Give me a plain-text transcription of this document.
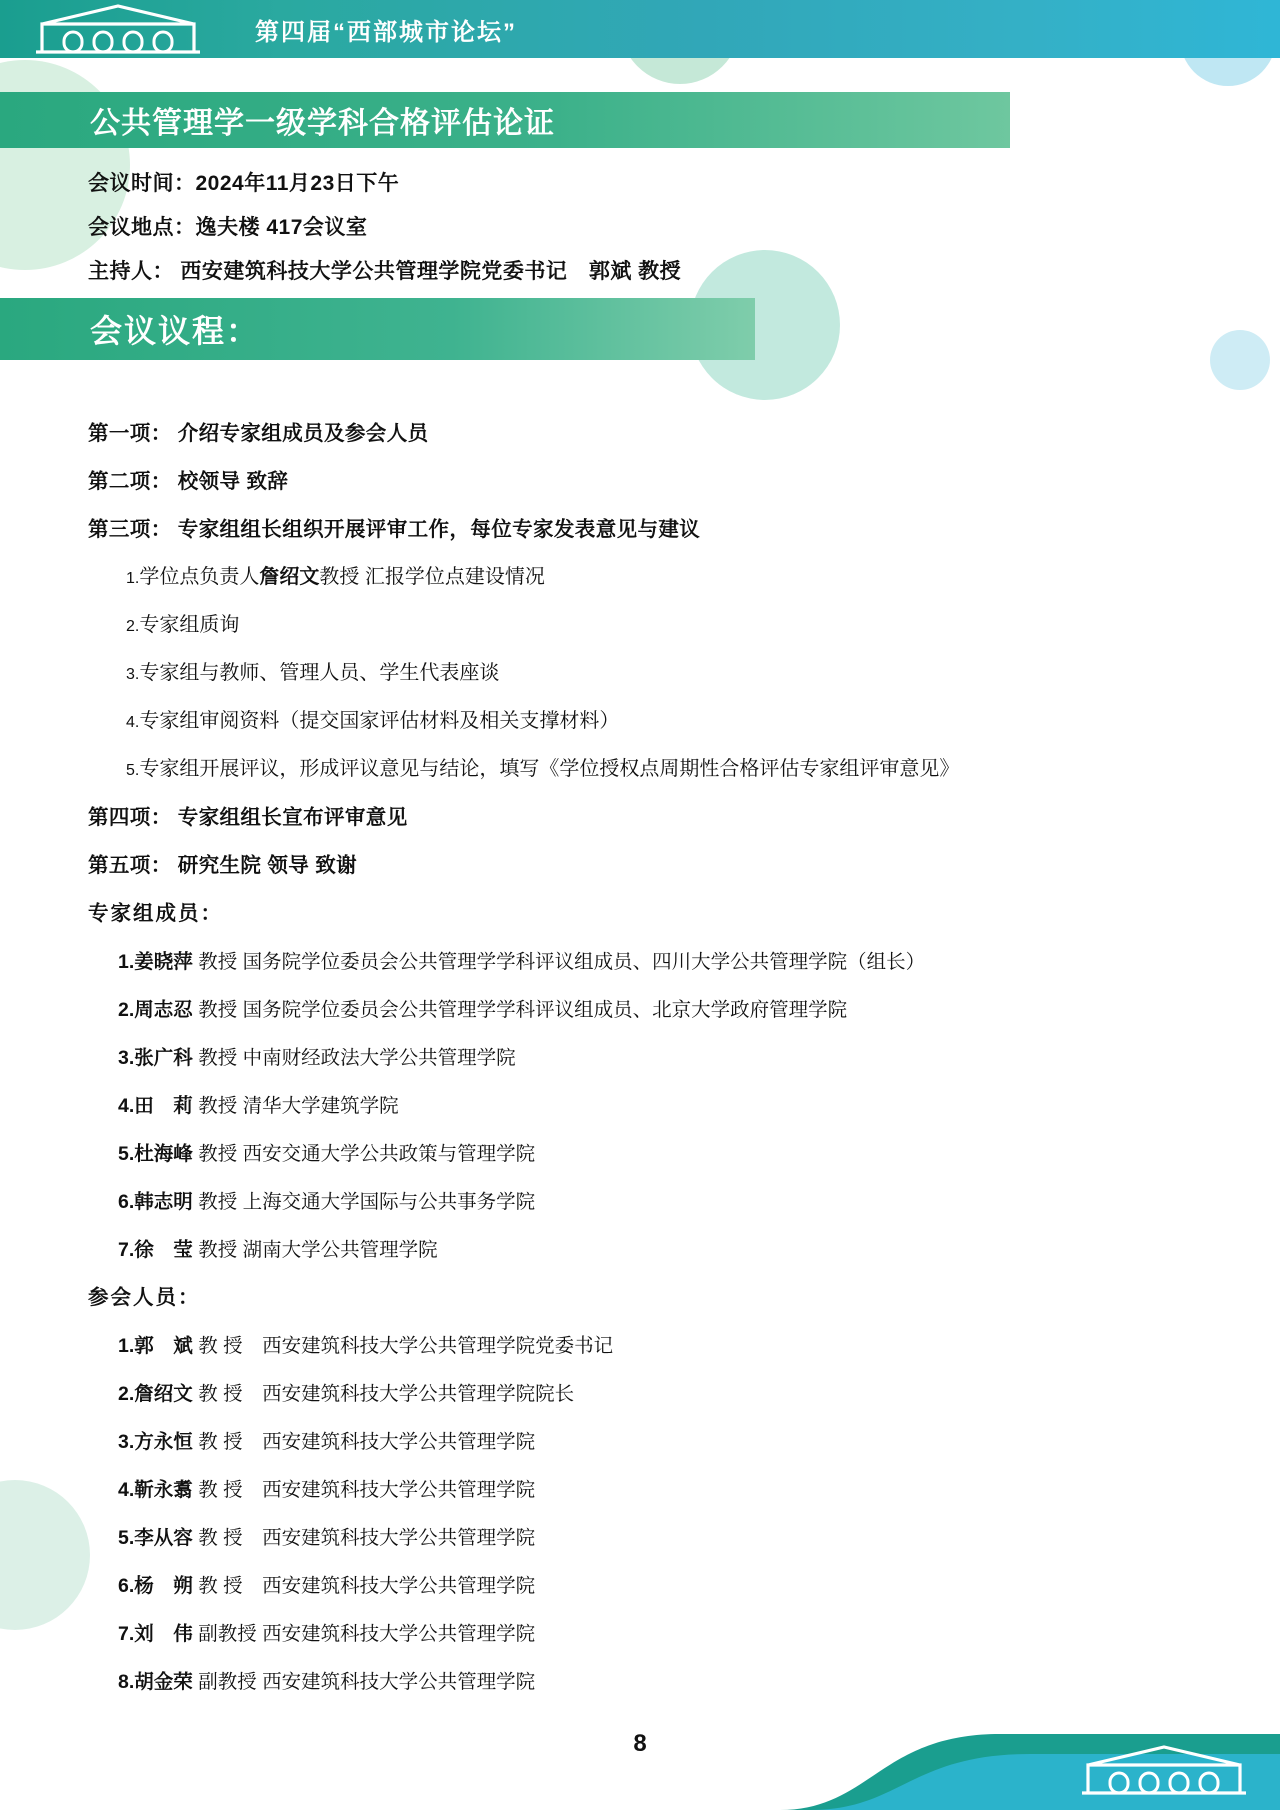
第四届“西部城市论坛”
公共管理学一级学科合格评估论证
会议时间：2024年11月23日下午
会议地点：逸夫楼 417会议室
主持人： 西安建筑科技大学公共管理学院党委书记　郭斌 教授
会议议程：
第一项： 介绍专家组成员及参会人员
第二项： 校领导 致辞
第三项： 专家组组长组织开展评审工作，每位专家发表意见与建议
1.学位点负责人詹绍文教授 汇报学位点建设情况
2.专家组质询
3.专家组与教师、管理人员、学生代表座谈
4.专家组审阅资料（提交国家评估材料及相关支撑材料）
5.专家组开展评议，形成评议意见与结论，填写《学位授权点周期性合格评估专家组评审意见》
第四项： 专家组组长宣布评审意见
第五项： 研究生院 领导 致谢
专家组成员：
1.姜晓萍 教授 国务院学位委员会公共管理学学科评议组成员、四川大学公共管理学院（组长）
2.周志忍 教授 国务院学位委员会公共管理学学科评议组成员、北京大学政府管理学院
3.张广科 教授 中南财经政法大学公共管理学院
4.田　莉 教授 清华大学建筑学院
5.杜海峰 教授 西安交通大学公共政策与管理学院
6.韩志明 教授 上海交通大学国际与公共事务学院
7.徐　莹 教授 湖南大学公共管理学院
参会人员：
1.郭　斌 教 授　西安建筑科技大学公共管理学院党委书记
2.詹绍文 教 授　西安建筑科技大学公共管理学院院长
3.方永恒 教 授　西安建筑科技大学公共管理学院
4.靳永翥 教 授　西安建筑科技大学公共管理学院
5.李从容 教 授　西安建筑科技大学公共管理学院
6.杨　朔 教 授　西安建筑科技大学公共管理学院
7.刘　伟 副教授 西安建筑科技大学公共管理学院
8.胡金荣 副教授 西安建筑科技大学公共管理学院
8
